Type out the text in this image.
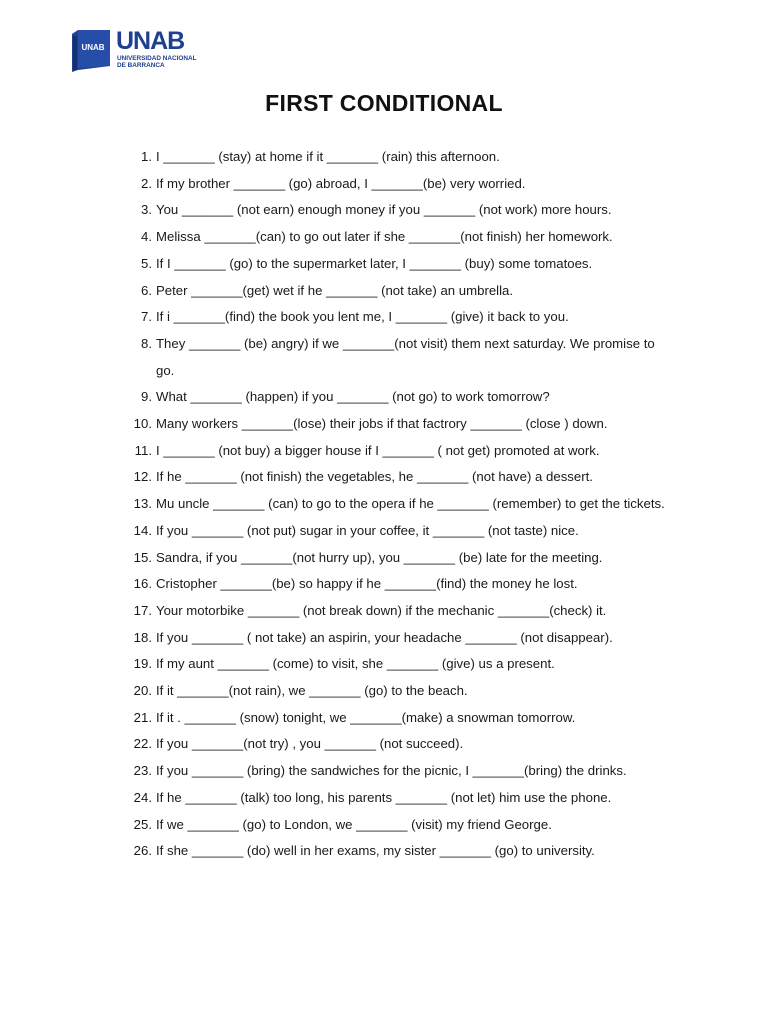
UNAB UNAB
UNIVERSIDAD NACIONAL
DE BARRANCA
FIRST CONDITIONAL
1. I _______ (stay) at home if it _______ (rain) this afternoon.
2. If my brother _______ (go) abroad, I _______(be) very worried.
3. You _______ (not earn) enough money if you _______ (not work) more hours.
4. Melissa _______(can) to go out later if she _______(not finish) her homework.
5. If I _______ (go) to the supermarket later, I _______ (buy) some tomatoes.
6. Peter _______(get) wet if he _______ (not take) an umbrella.
7. If i _______(find) the book you lent me, I _______ (give) it back to you.
8. They _______ (be) angry) if we _______(not visit) them next saturday. We promise to go.
9. What _______ (happen) if you _______ (not go) to work tomorrow?
10. Many workers _______(lose) their jobs if that factrory _______ (close ) down.
11. I _______ (not buy) a bigger house if I _______ ( not get) promoted at work.
12. If he _______ (not finish) the vegetables, he _______ (not have) a dessert.
13. Mu uncle _______ (can) to go to the opera if he _______ (remember) to get the tickets.
14. If you _______ (not put) sugar in your coffee, it _______ (not taste) nice.
15. Sandra, if you _______(not hurry up), you _______ (be) late for the meeting.
16. Cristopher _______(be) so happy if he _______(find) the money he lost.
17. Your motorbike _______ (not break down) if the mechanic _______(check) it.
18. If you _______ ( not take) an aspirin, your headache _______ (not disappear).
19. If my aunt _______ (come) to visit, she _______ (give) us a present.
20. If it _______(not rain), we _______ (go) to the beach.
21. If it . _______ (snow) tonight, we _______(make) a snowman tomorrow.
22. If you _______(not try) , you _______ (not succeed).
23. If you _______ (bring) the sandwiches for the picnic, I _______(bring) the drinks.
24. If he _______ (talk) too long, his parents _______ (not let) him use the phone.
25. If we _______ (go) to London, we _______ (visit) my friend George.
26. If she _______ (do) well in her exams, my sister _______ (go) to university.
